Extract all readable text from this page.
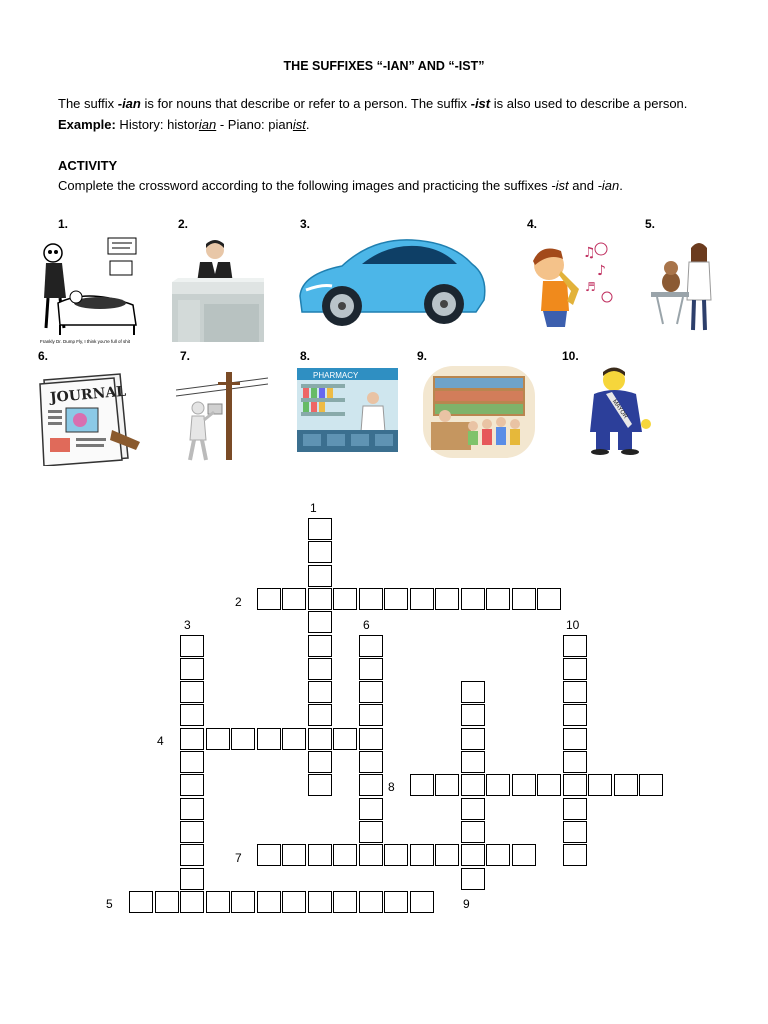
THE SUFFIXES “-IAN” AND “-IST”
The suffix -ian is for nouns that describe or refer to a person. The suffix -ist is also used to describe a person.
Example: History: historian - Piano: pianist.
ACTIVITY
Complete the crossword according to the following images and practicing the suffixes -ist and -ian.
1.	2.	3.	4.	5.
6.	7.	8.	9.	10.
Frankly Dr. Dump Fly, I think you're full of shit
♫
♪
♬
JOURNAL
PHARMACY
MAYOR
1
2
3
4
5
6
7
8
9
10
